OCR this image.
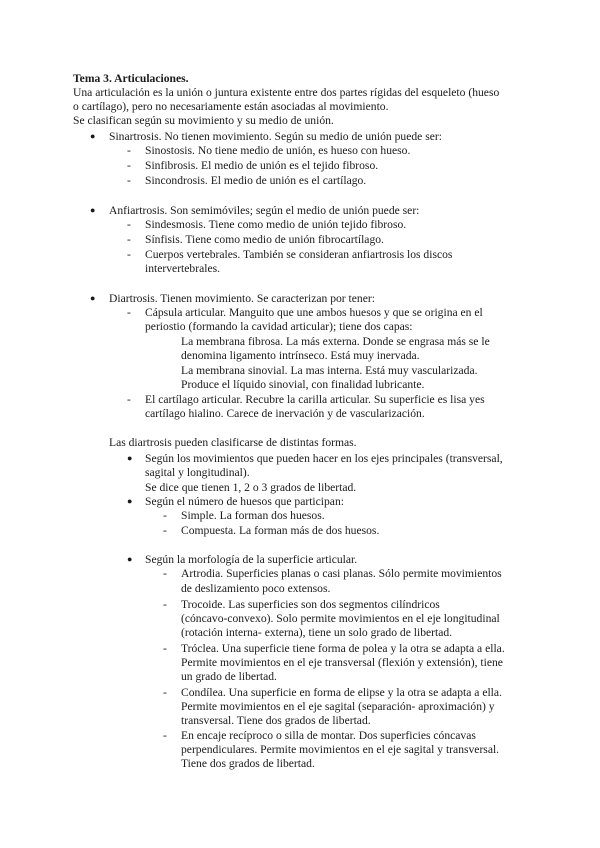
Tema 3. Articulaciones.
Una articulación es la unión o juntura existente entre dos partes rígidas del esqueleto (hueso
o cartílago), pero no necesariamente están asociadas al movimiento.
Se clasifican según su movimiento y su medio de unión.
● Sinartrosis. No tienen movimiento. Según su medio de unión puede ser:
- Sinostosis. No tiene medio de unión, es hueso con hueso.
- Sinfibrosis. El medio de unión es el tejido fibroso.
- Sincondrosis. El medio de unión es el cartílago.
● Anfiartrosis. Son semimóviles; según el medio de unión puede ser:
- Sindesmosis. Tiene como medio de unión tejido fibroso.
- Sínfisis. Tiene como medio de unión fibrocartílago.
- Cuerpos vertebrales. También se consideran anfiartrosis los discos
intervertebrales.
● Diartrosis. Tienen movimiento. Se caracterizan por tener:
- Cápsula articular. Manguito que une ambos huesos y que se origina en el
periostio (formando la cavidad articular); tiene dos capas:
La membrana fibrosa. La más externa. Donde se engrasa más se le
denomina ligamento intrínseco. Está muy inervada.
La membrana sinovial. La mas interna. Está muy vascularizada.
Produce el líquido sinovial, con finalidad lubricante.
- El cartílago articular. Recubre la carilla articular. Su superficie es lisa yes
cartílago hialino. Carece de inervación y de vascularización.
Las diartrosis pueden clasificarse de distintas formas.
● Según los movimientos que pueden hacer en los ejes principales (transversal,
sagital y longitudinal).
Se dice que tienen 1, 2 o 3 grados de libertad.
● Según el número de huesos que participan:
- Simple. La forman dos huesos.
- Compuesta. La forman más de dos huesos.
● Según la morfología de la superficie articular.
- Artrodia. Superficies planas o casi planas. Sólo permite movimientos
de deslizamiento poco extensos.
- Trocoide. Las superficies son dos segmentos cilíndricos
(cóncavo-convexo). Solo permite movimientos en el eje longitudinal
(rotación interna- externa), tiene un solo grado de libertad.
- Tróclea. Una superficie tiene forma de polea y la otra se adapta a ella.
Permite movimientos en el eje transversal (flexión y extensión), tiene
un grado de libertad.
- Condílea. Una superficie en forma de elipse y la otra se adapta a ella.
Permite movimientos en el eje sagital (separación- aproximación) y
transversal. Tiene dos grados de libertad.
- En encaje recíproco o silla de montar. Dos superficies cóncavas
perpendiculares. Permite movimientos en el eje sagital y transversal.
Tiene dos grados de libertad.
